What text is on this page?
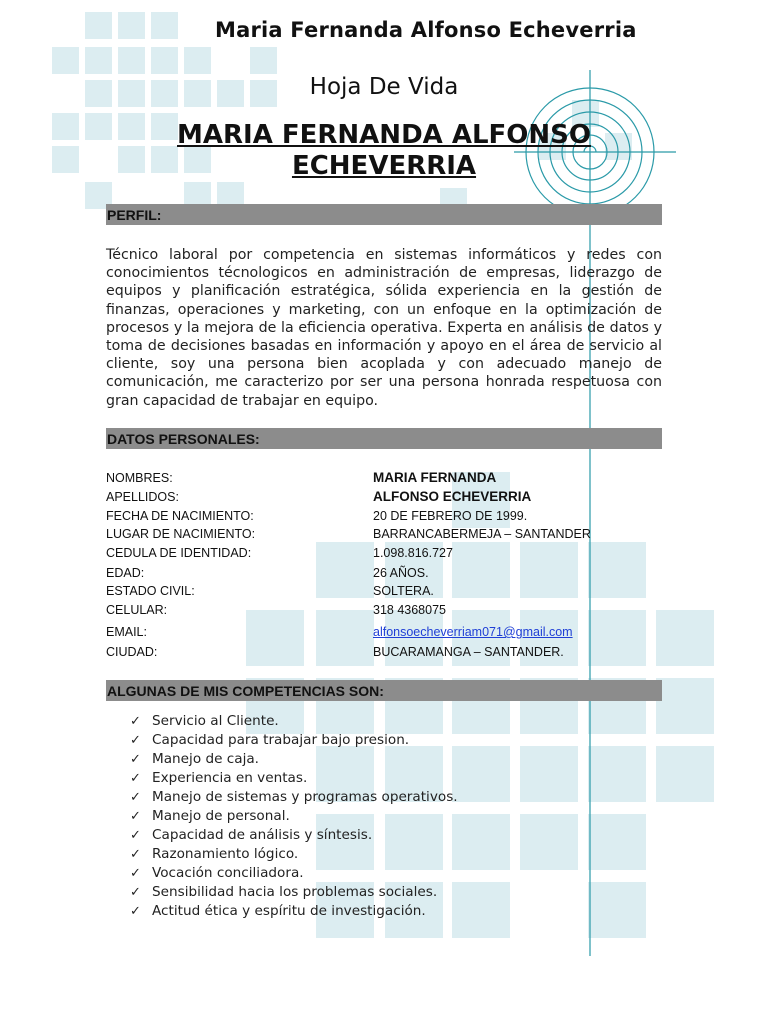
Maria Fernanda Alfonso Echeverria
Hoja De Vida
MARIA FERNANDA ALFONSO
ECHEVERRIA
PERFIL:

Técnico laboral por competencia en sistemas informáticos y redes con conocimientos técnologicos en administración de empresas, liderazgo de equipos y planificación estratégica, sólida experiencia en la gestión de finanzas, operaciones y marketing, con un enfoque en la optimización de procesos y la mejora de la eficiencia operativa. Experta en análisis de datos y toma de decisiones basadas en información y apoyo en el área de servicio al cliente, soy una persona bien acoplada y con adecuado manejo de comunicación, me caracterizo por ser una persona honrada respetuosa con gran capacidad de trabajar en equipo.

DATOS PERSONALES:
NOMBRES:	MARIA FERNANDA
APELLIDOS:	ALFONSO ECHEVERRIA
FECHA DE NACIMIENTO:	20 DE FEBRERO DE 1999.
LUGAR DE NACIMIENTO:	BARRANCABERMEJA – SANTANDER
CEDULA DE IDENTIDAD:	1.098.816.727
EDAD:	26 AÑOS.
ESTADO CIVIL:	SOLTERA.
CELULAR:	318 4368075
EMAIL:	alfonsoecheverriam071@gmail.com
CIUDAD:	BUCARAMANGA – SANTANDER.
ALGUNAS DE MIS COMPETENCIAS SON:
✓ Servicio al Cliente.
✓ Capacidad para trabajar bajo presion.
✓ Manejo de caja.
✓ Experiencia en ventas.
✓ Manejo de sistemas y programas operativos.
✓ Manejo de personal.
✓ Capacidad de análisis y síntesis.
✓ Razonamiento lógico.
✓ Vocación conciliadora.
✓ Sensibilidad hacia los problemas sociales.
✓ Actitud ética y espíritu de investigación.
